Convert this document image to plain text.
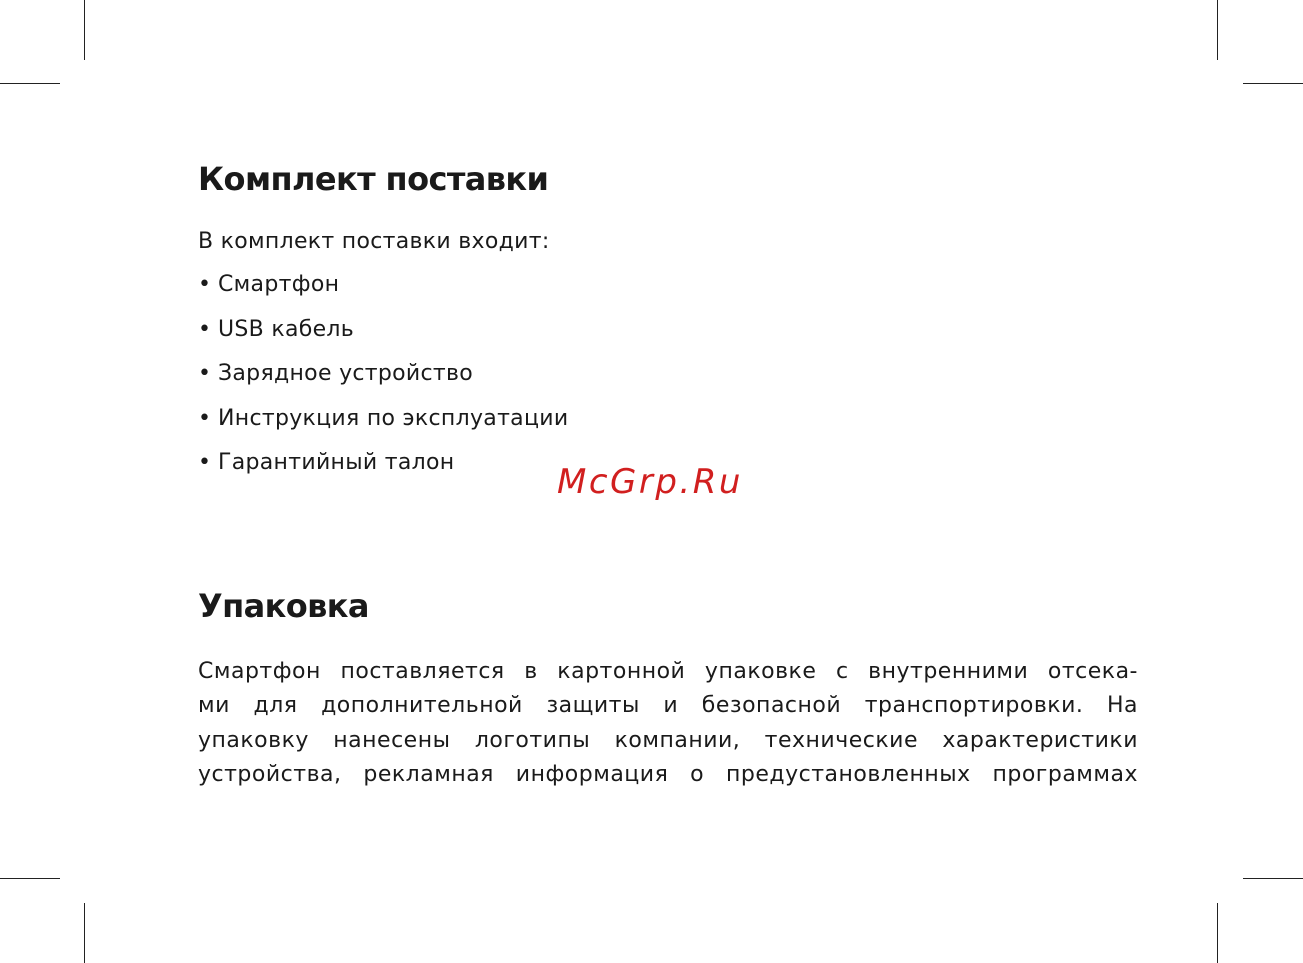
Комплект поставки

В комплект поставки входит:

• Смартфон
• USB кабель
• Зарядное устройство
• Инструкция по эксплуатации
• Гарантийный талон	McGrp.Ru
Упаковка
Смартфон поставляется в картонной упаковке с внутренними отсека-
ми для дополнительной защиты и безопасной транспортировки. На
упаковку нанесены логотипы компании, технические характеристики
устройства, рекламная информация о предустановленных программах
